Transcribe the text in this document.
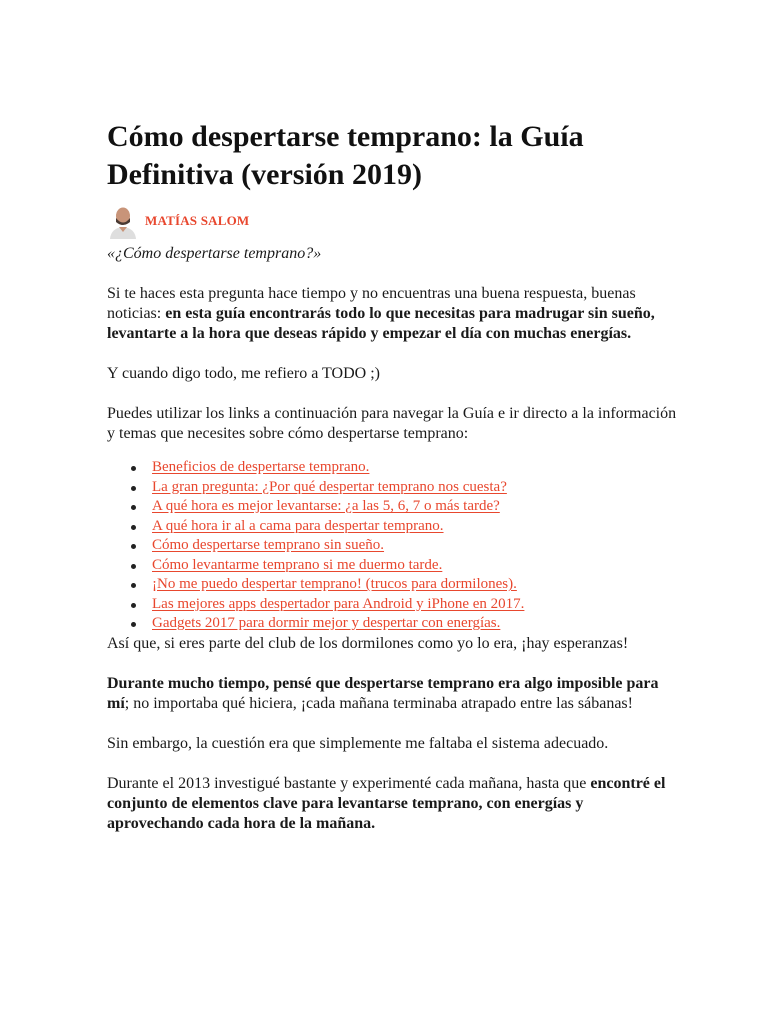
Cómo despertarse temprano: la Guía Definitiva (versión 2019)
MATÍAS SALOM

«¿Cómo despertarse temprano?»

Si te haces esta pregunta hace tiempo y no encuentras una buena respuesta, buenas noticias: en esta guía encontrarás todo lo que necesitas para madrugar sin sueño, levantarte a la hora que deseas rápido y empezar el día con muchas energías.

Y cuando digo todo, me refiero a TODO ;)

Puedes utilizar los links a continuación para navegar la Guía e ir directo a la información y temas que necesites sobre cómo despertarse temprano:

Beneficios de despertarse temprano.
La gran pregunta: ¿Por qué despertar temprano nos cuesta?
A qué hora es mejor levantarse: ¿a las 5, 6, 7 o más tarde?
A qué hora ir al a cama para despertar temprano.
Cómo despertarse temprano sin sueño.
Cómo levantarme temprano si me duermo tarde.
¡No me puedo despertar temprano! (trucos para dormilones).
Las mejores apps despertador para Android y iPhone en 2017.
Gadgets 2017 para dormir mejor y despertar con energías.

Así que, si eres parte del club de los dormilones como yo lo era, ¡hay esperanzas!

Durante mucho tiempo, pensé que despertarse temprano era algo imposible para mí; no importaba qué hiciera, ¡cada mañana terminaba atrapado entre las sábanas!

Sin embargo, la cuestión era que simplemente me faltaba el sistema adecuado.

Durante el 2013 investigué bastante y experimenté cada mañana, hasta que encontré el conjunto de elementos clave para levantarse temprano, con energías y aprovechando cada hora de la mañana.
